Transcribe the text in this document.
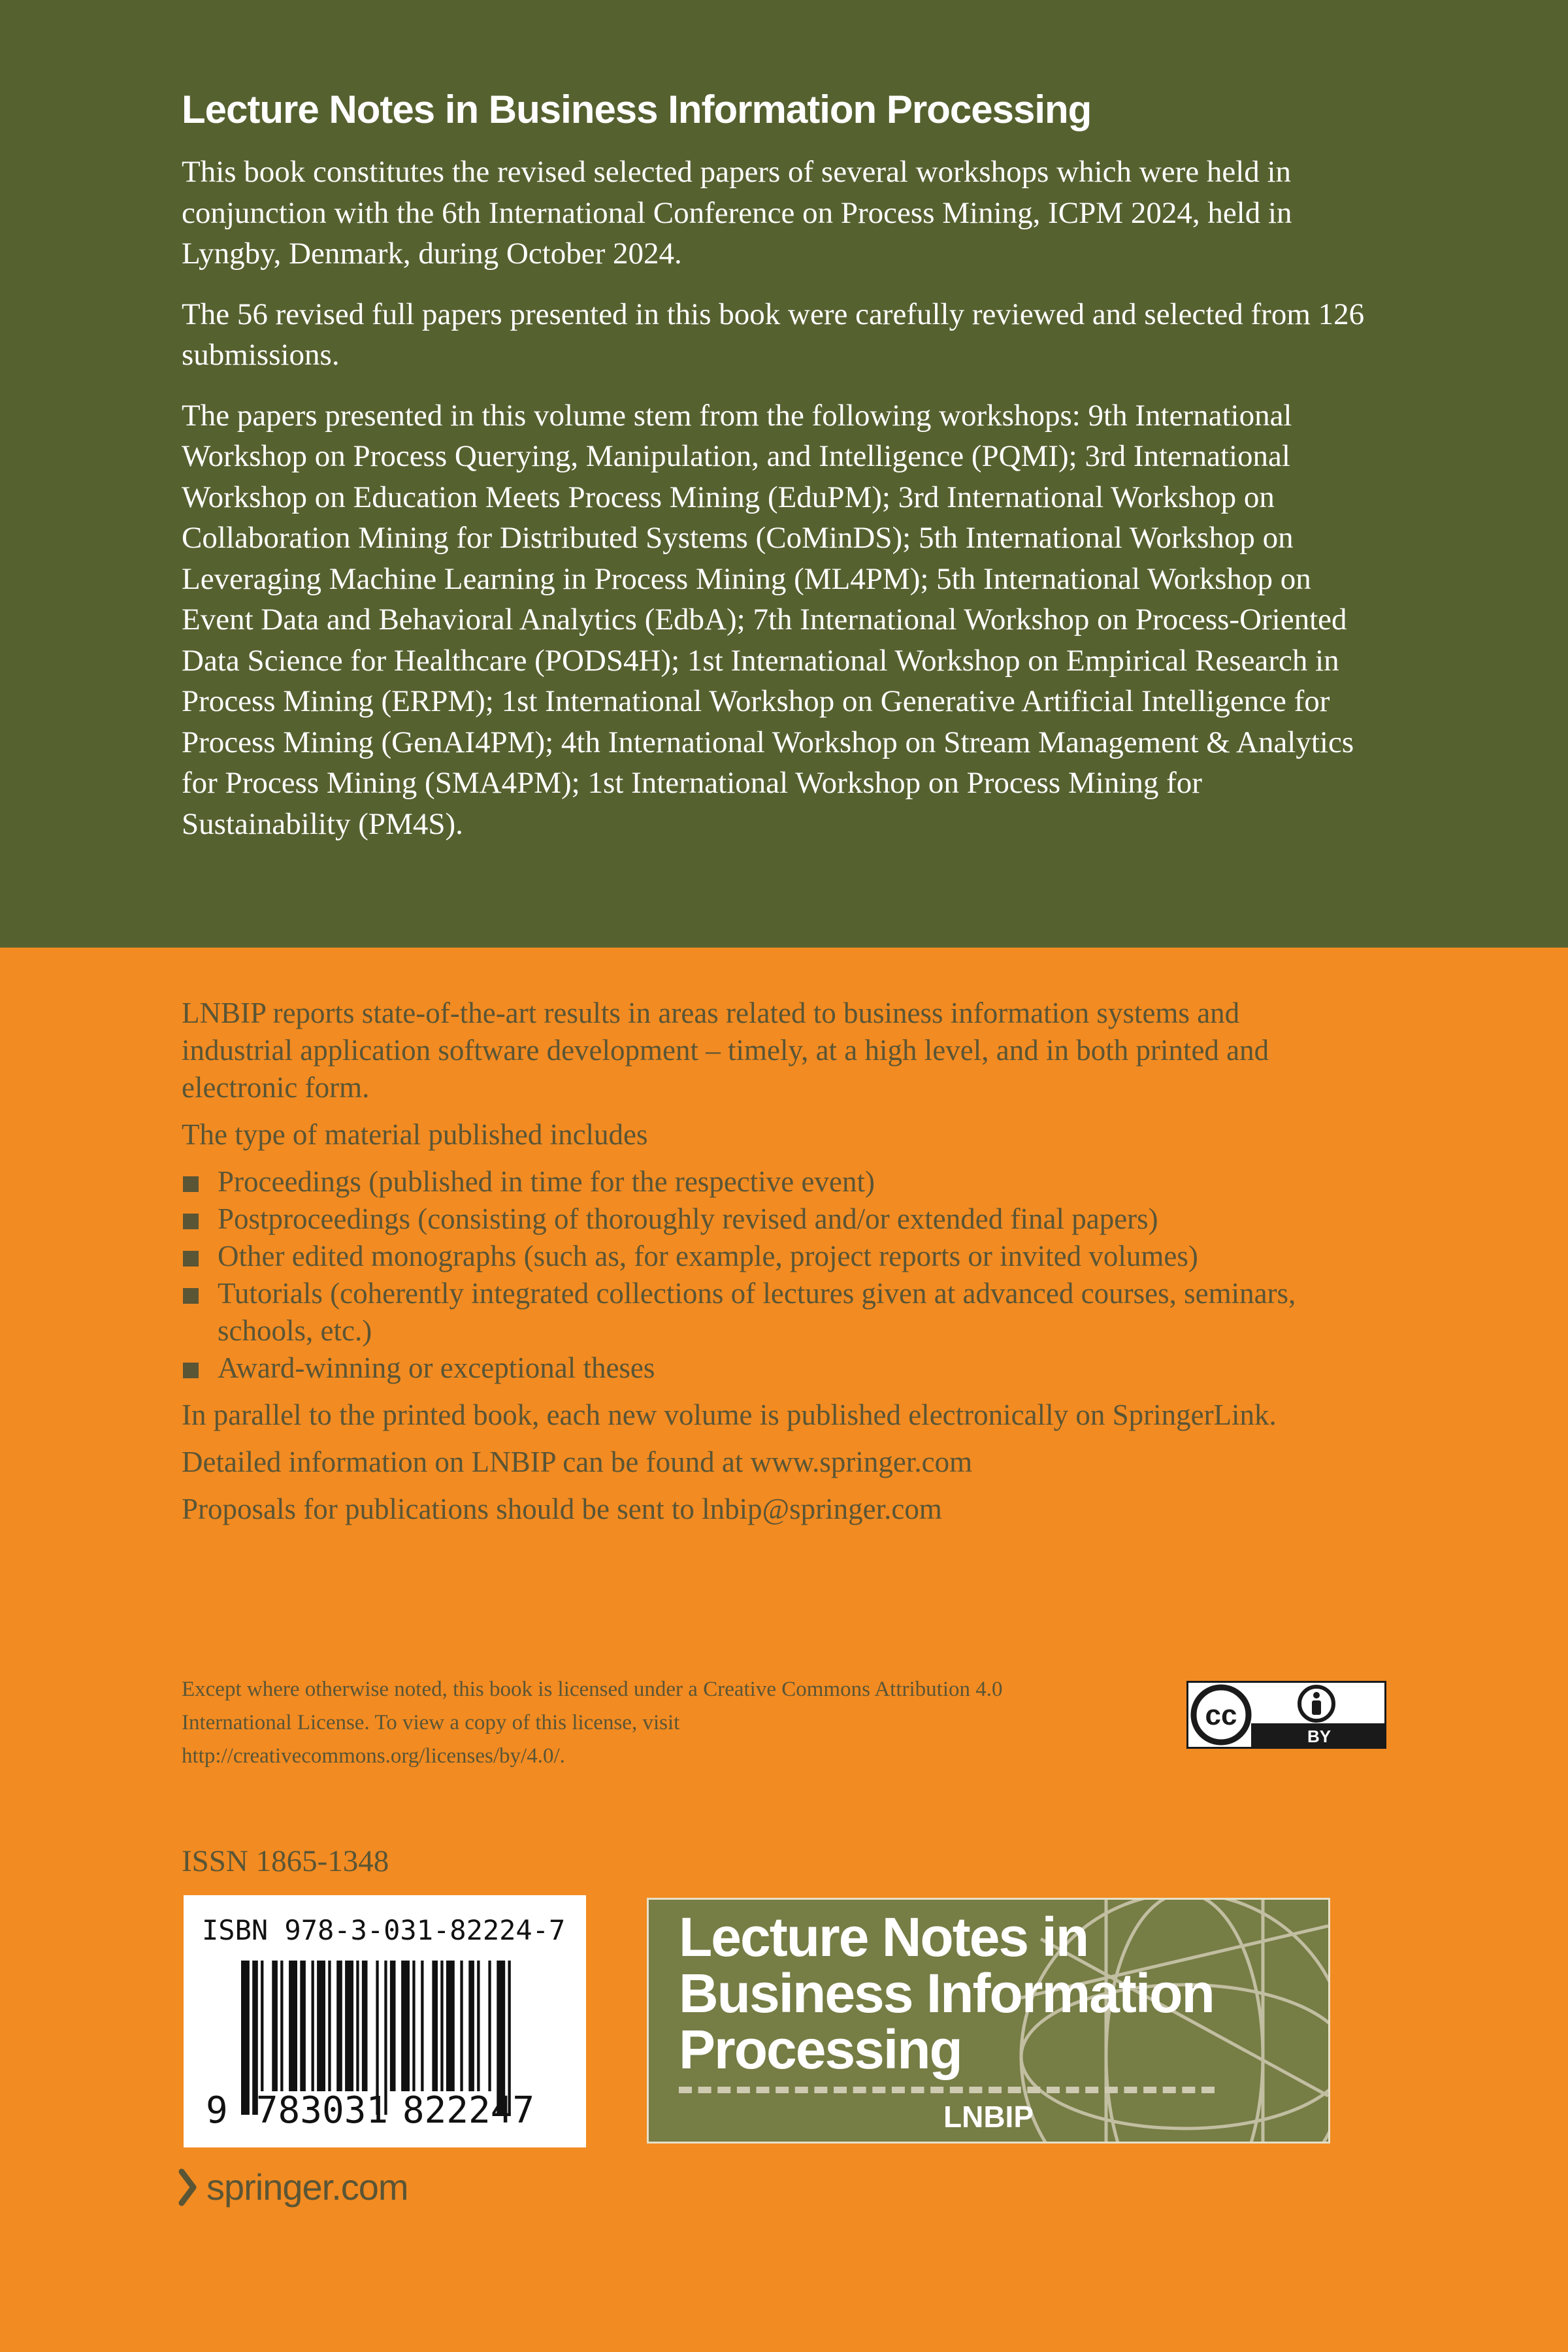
Lecture Notes in Business Information Processing

This book constitutes the revised selected papers of several workshops which were held in conjunction with the 6th International Conference on Process Mining, ICPM 2024, held in Lyngby, Denmark, during October 2024.

The 56 revised full papers presented in this book were carefully reviewed and selected from 126 submissions.

The papers presented in this volume stem from the following workshops: 9th International Workshop on Process Querying, Manipulation, and Intelligence (PQMI); 3rd International Workshop on Education Meets Process Mining (EduPM); 3rd International Workshop on Collaboration Mining for Distributed Systems (CoMinDS); 5th International Workshop on Leveraging Machine Learning in Process Mining (ML4PM); 5th International Workshop on Event Data and Behavioral Analytics (EdbA); 7th International Workshop on Process-Oriented Data Science for Healthcare (PODS4H); 1st International Workshop on Empirical Research in Process Mining (ERPM); 1st International Workshop on Generative Artificial Intelligence for Process Mining (GenAI4PM); 4th International Workshop on Stream Management & Analytics for Process Mining (SMA4PM); 1st International Workshop on Process Mining for Sustainability (PM4S).

LNBIP reports state-of-the-art results in areas related to business information systems and industrial application software development – timely, at a high level, and in both printed and electronic form.

The type of material published includes

Proceedings (published in time for the respective event)
Postproceedings (consisting of thoroughly revised and/or extended final papers)
Other edited monographs (such as, for example, project reports or invited volumes)
Tutorials (coherently integrated collections of lectures given at advanced courses, seminars, schools, etc.)
Award-winning or exceptional theses

In parallel to the printed book, each new volume is published electronically on SpringerLink.

Detailed information on LNBIP can be found at www.springer.com

Proposals for publications should be sent to lnbip@springer.com

Except where otherwise noted, this book is licensed under a Creative Commons Attribution 4.0 International License. To view a copy of this license, visit http://creativecommons.org/licenses/by/4.0/.

cc
BY

ISSN 1865-1348

ISBN 978-3-031-82224-7
9 783031 822247

Lecture Notes in
Business Information
Processing

LNBIP

springer.com
